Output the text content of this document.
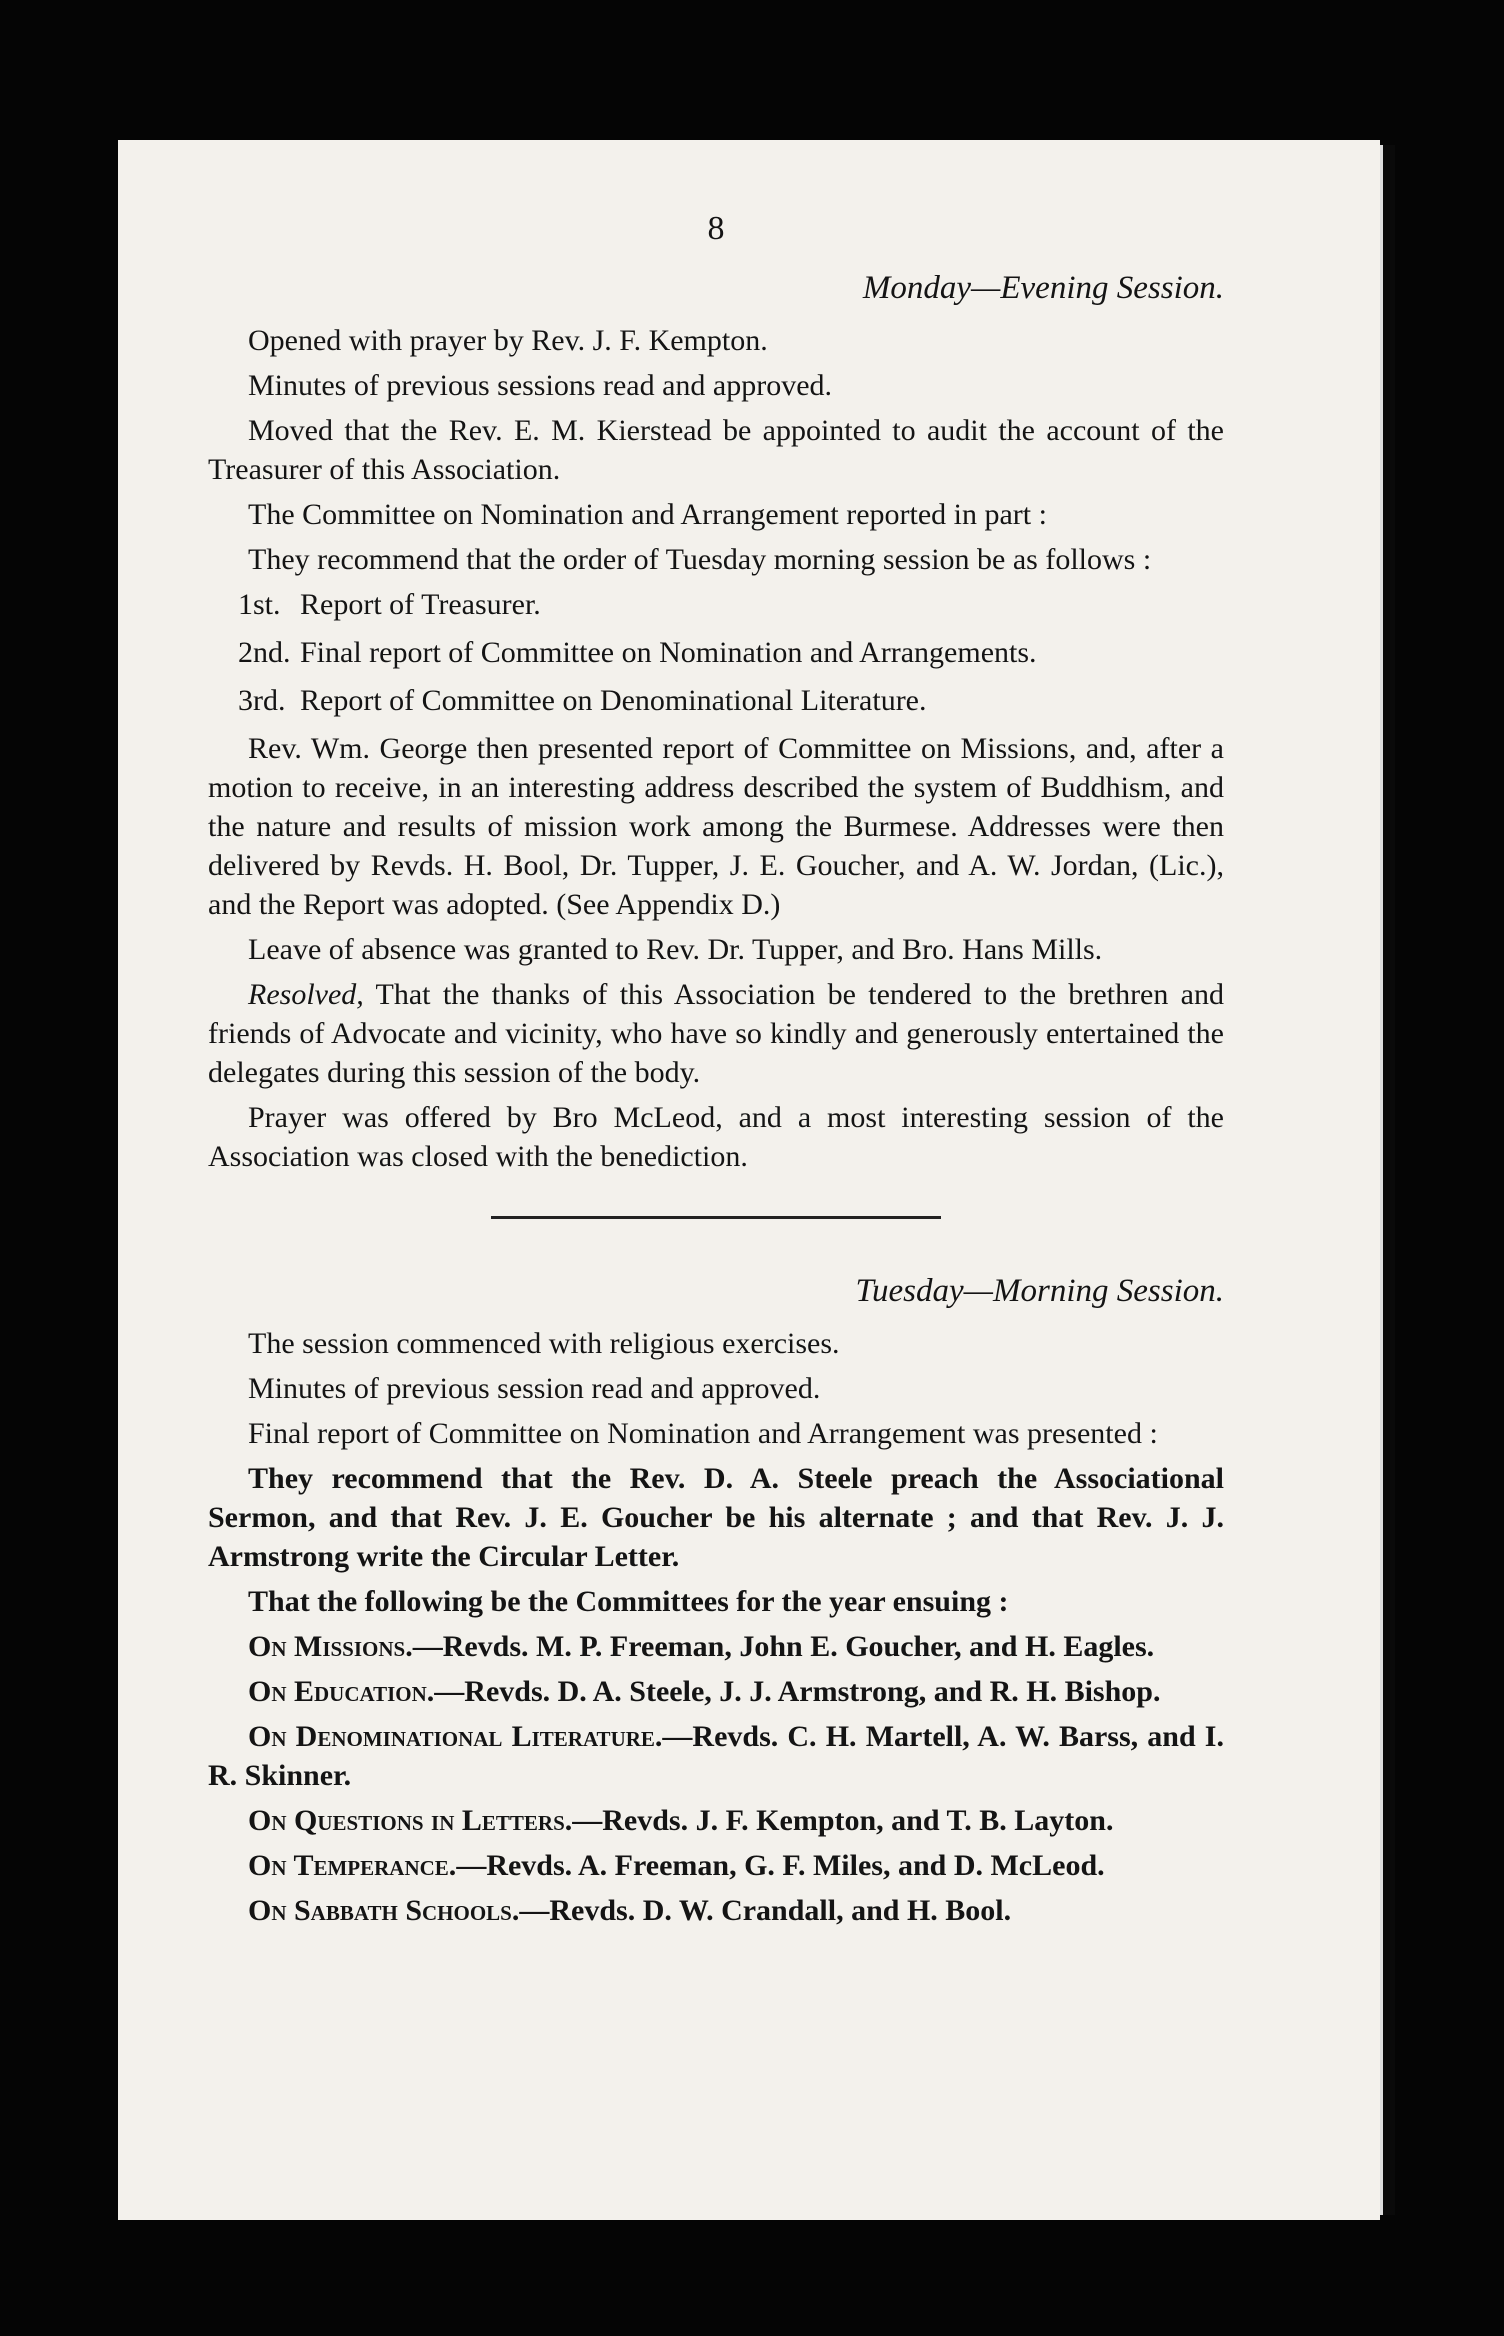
8
Monday—Evening Session.

Opened with prayer by Rev. J. F. Kempton.

Minutes of previous sessions read and approved.

Moved that the Rev. E. M. Kierstead be appointed to audit the account of the Treasurer of this Association.

The Committee on Nomination and Arrangement reported in part :

They recommend that the order of Tuesday morning session be as follows :

1st. Report of Treasurer.
2nd. Final report of Committee on Nomination and Arrangements.
3rd. Report of Committee on Denominational Literature.

Rev. Wm. George then presented report of Committee on Missions, and, after a motion to receive, in an interesting address described the system of Buddhism, and the nature and results of mission work among the Burmese. Addresses were then delivered by Revds. H. Bool, Dr. Tupper, J. E. Goucher, and A. W. Jordan, (Lic.), and the Report was adopted. (See Appendix D.)

Leave of absence was granted to Rev. Dr. Tupper, and Bro. Hans Mills.

Resolved, That the thanks of this Association be tendered to the brethren and friends of Advocate and vicinity, who have so kindly and generously entertained the delegates during this session of the body.

Prayer was offered by Bro McLeod, and a most interesting session of the Association was closed with the benediction.

Tuesday—Morning Session.

The session commenced with religious exercises.

Minutes of previous session read and approved.

Final report of Committee on Nomination and Arrangement was presented :

They recommend that the Rev. D. A. Steele preach the Associational Sermon, and that Rev. J. E. Goucher be his alternate ; and that Rev. J. J. Armstrong write the Circular Letter.

That the following be the Committees for the year ensuing :

On Missions.—Revds. M. P. Freeman, John E. Goucher, and H. Eagles.

On Education.—Revds. D. A. Steele, J. J. Armstrong, and R. H. Bishop.

On Denominational Literature.—Revds. C. H. Martell, A. W. Barss, and I. R. Skinner.

On Questions in Letters.—Revds. J. F. Kempton, and T. B. Layton.

On Temperance.—Revds. A. Freeman, G. F. Miles, and D. McLeod.

On Sabbath Schools.—Revds. D. W. Crandall, and H. Bool.
